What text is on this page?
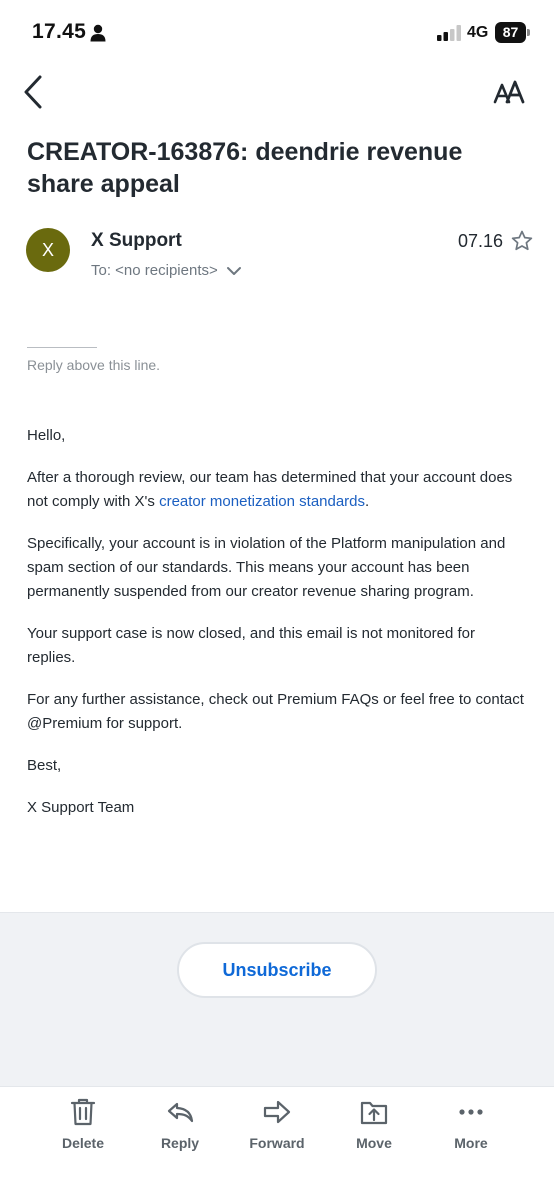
17.45	4G	87
CREATOR-163876: deendrie revenue share appeal
X	X Support
To: <no recipients>
07.16
Reply above this line.

Hello,

After a thorough review, our team has determined that your account does not comply with X's creator monetization standards.

Specifically, your account is in violation of the Platform manipulation and spam section of our standards. This means your account has been permanently suspended from our creator revenue sharing program.

Your support case is now closed, and this email is not monitored for replies.

For any further assistance, check out Premium FAQs or feel free to contact @Premium for support.

Best,

X Support Team

Unsubscribe
Delete	Reply	Forward	Move	More
